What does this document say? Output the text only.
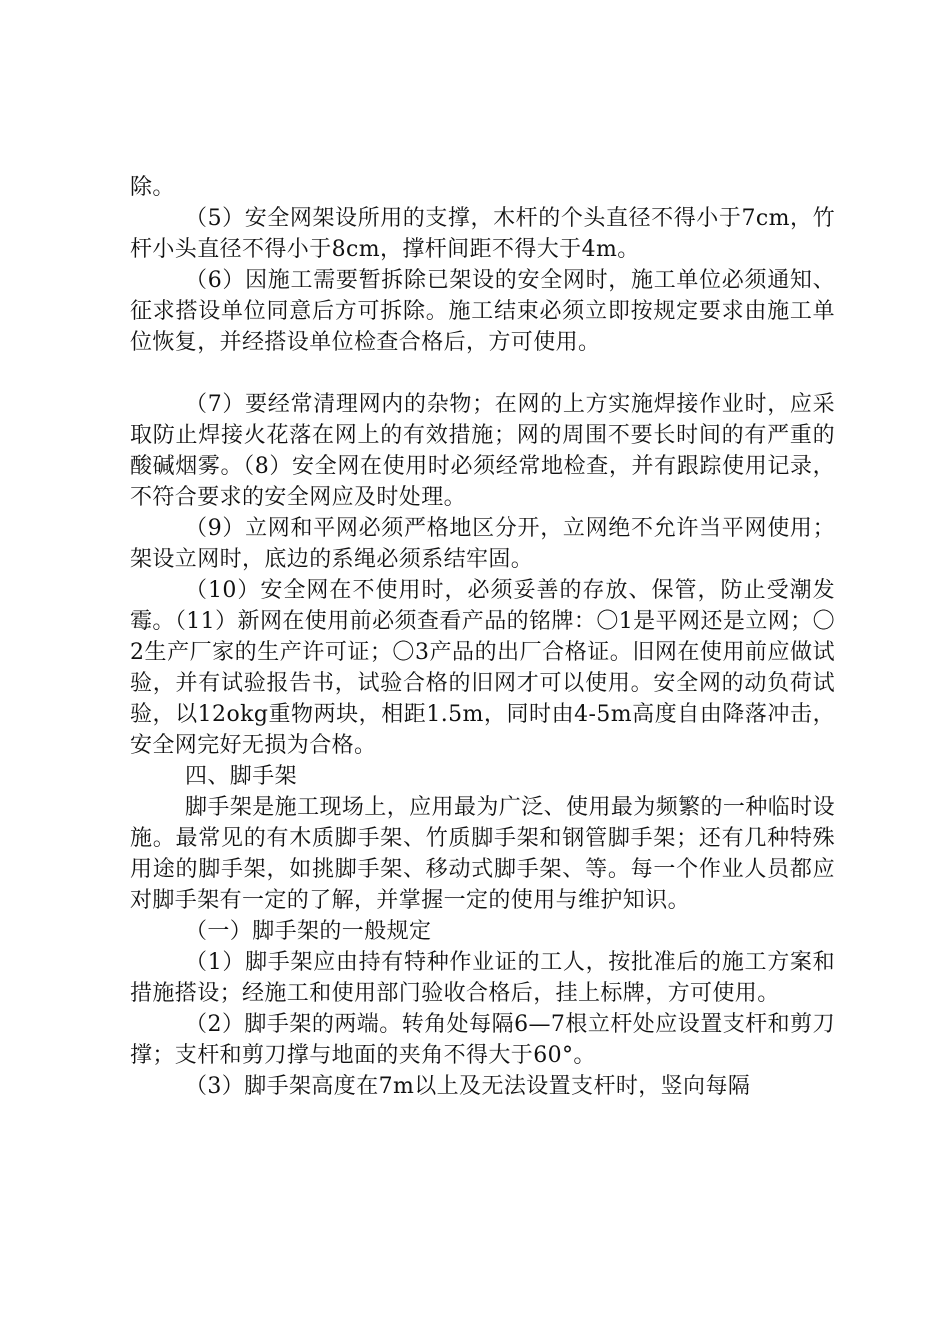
除。

（5）安全网架设所用的支撑，木杆的个头直径不得小于7cm，竹杆小头直径不得小于8cm，撑杆间距不得大于4m。

（6）因施工需要暂拆除已架设的安全网时，施工单位必须通知、征求搭设单位同意后方可拆除。施工结束必须立即按规定要求由施工单位恢复，并经搭设单位检查合格后，方可使用。

（7）要经常清理网内的杂物；在网的上方实施焊接作业时，应采取防止焊接火花落在网上的有效措施；网的周围不要长时间的有严重的酸碱烟雾。（8）安全网在使用时必须经常地检查，并有跟踪使用记录，不符合要求的安全网应及时处理。

（9）立网和平网必须严格地区分开，立网绝不允许当平网使用；架设立网时，底边的系绳必须系结牢固。

（10）安全网在不使用时，必须妥善的存放、保管，防止受潮发霉。（11）新网在使用前必须查看产品的铭牌：〇1是平网还是立网；〇2生产厂家的生产许可证；〇3产品的出厂合格证。旧网在使用前应做试验，并有试验报告书，试验合格的旧网才可以使用。安全网的动负荷试验，以12okg重物两块，相距1.5m，同时由4-5m高度自由降落冲击，安全网完好无损为合格。

四、脚手架

脚手架是施工现场上，应用最为广泛、使用最为频繁的一种临时设施。最常见的有木质脚手架、竹质脚手架和钢管脚手架；还有几种特殊用途的脚手架，如挑脚手架、移动式脚手架、等。每一个作业人员都应对脚手架有一定的了解，并掌握一定的使用与维护知识。

（一）脚手架的一般规定

（1）脚手架应由持有特种作业证的工人，按批准后的施工方案和措施搭设；经施工和使用部门验收合格后，挂上标牌，方可使用。

（2）脚手架的两端。转角处每隔6—7根立杆处应设置支杆和剪刀撑；支杆和剪刀撑与地面的夹角不得大于60°。

（3）脚手架高度在7m以上及无法设置支杆时，竖向每隔
